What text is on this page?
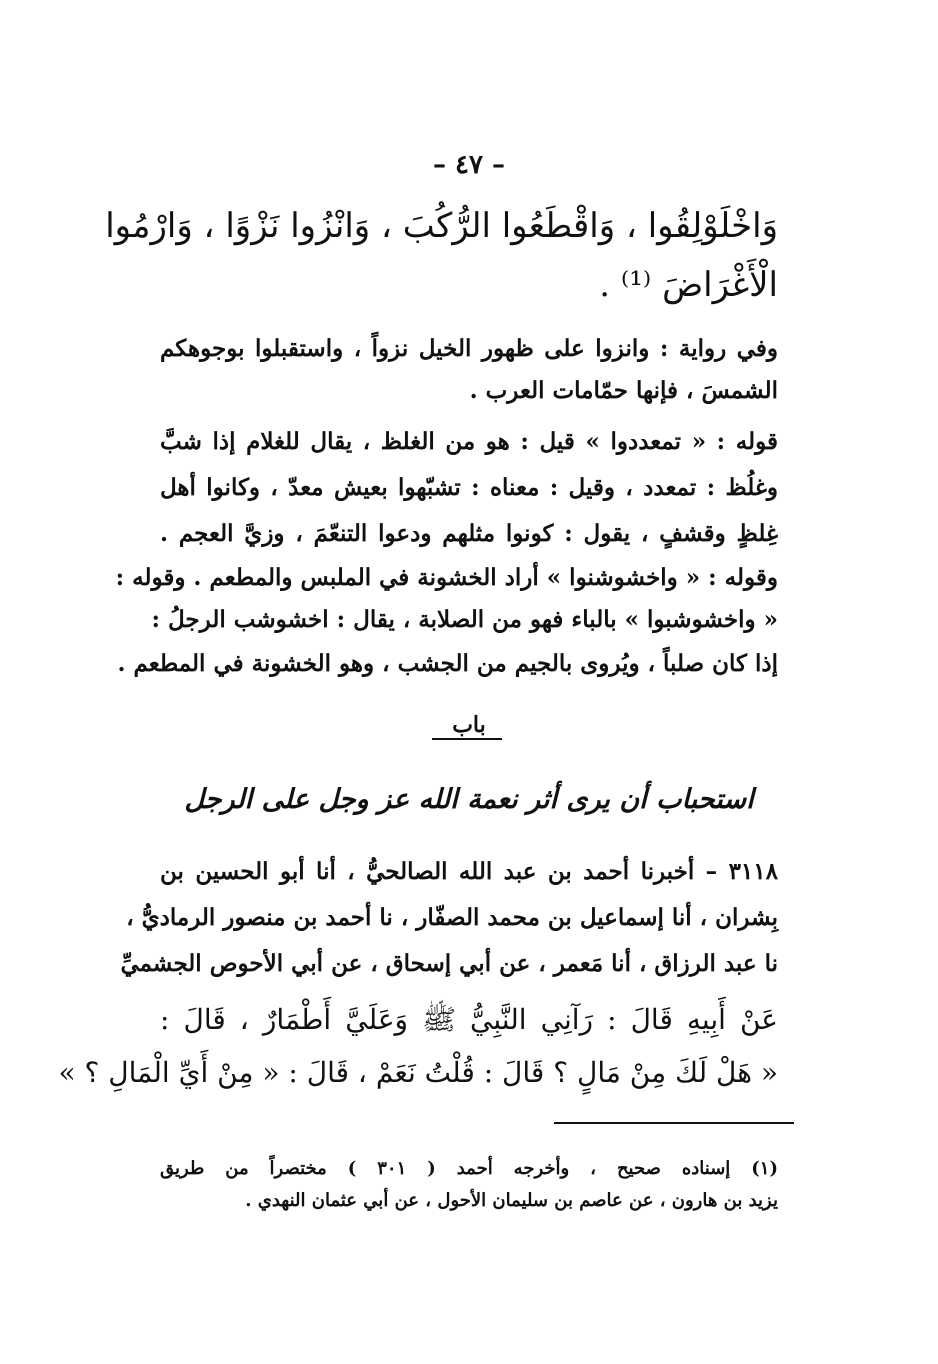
– ٤٧ –
وَاخْلَوْلِقُوا ، وَاقْطَعُوا الرُّكُبَ ، وَانْزُوا نَزْوًا ، وَارْمُوا
الْأَغْرَاضَ ⁽¹⁾ .
وفي رواية : وانزوا على ظهور الخيل نزواً ، واستقبلوا بوجوهكم
الشمسَ ، فإنها حمّامات العرب .
قوله : « تمعددوا » قيل : هو من الغلظ ، يقال للغلام إذا شبَّ
وغلُظ : تمعدد ، وقيل : معناه : تشبّهوا بعيش معدّ ، وكانوا أهل
غِلظٍ وقشفٍ ، يقول : كونوا مثلهم ودعوا التنعّمَ ، وزيَّ العجم .
وقوله : « واخشوشنوا » أراد الخشونة في الملبس والمطعم . وقوله :
« واخشوشبوا » بالباء فهو من الصلابة ، يقال : اخشوشب الرجلُ :
إذا كان صلباً ، ويُروى بالجيم من الجشب ، وهو الخشونة في المطعم .
باب
استحباب أن يرى أثر نعمة الله عز وجل على الرجل
٣١١٨ – أخبرنا أحمد بن عبد الله الصالحيُّ ، أنا أبو الحسين بن
بِشران ، أنا إسماعيل بن محمد الصفّار ، نا أحمد بن منصور الرماديُّ ،
نا عبد الرزاق ، أنا مَعمر ، عن أبي إسحاق ، عن أبي الأحوص الجشميِّ
عَنْ أَبِيهِ قَالَ : رَآنِي النَّبِيُّ ﷺ وَعَلَيَّ أَطْمَارٌ ، قَالَ :
« هَلْ لَكَ مِنْ مَالٍ ؟ قَالَ : قُلْتُ نَعَمْ ، قَالَ : « مِنْ أَيِّ الْمَالِ ؟ »
(١) إسناده صحيح ، وأخرجه أحمد ( ٣٠١ ) مختصراً من طريق
يزيد بن هارون ، عن عاصم بن سليمان الأحول ، عن أبي عثمان النهدي .
